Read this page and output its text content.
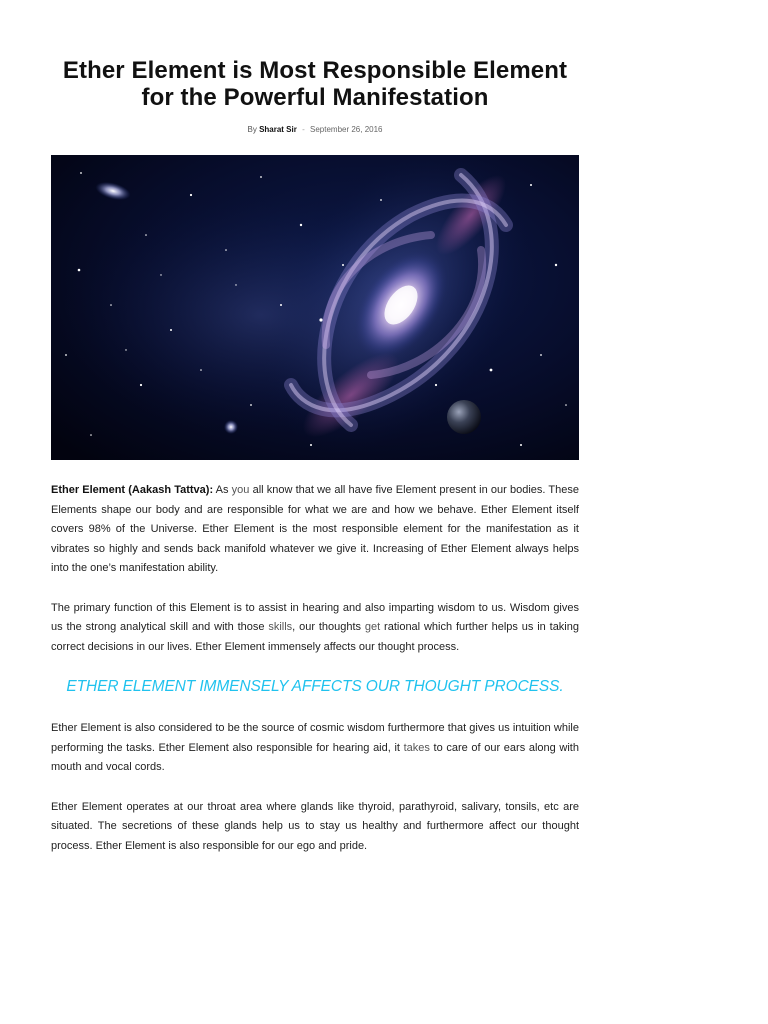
Ether Element is Most Responsible Element for the Powerful Manifestation
By Sharat Sir - September 26, 2016

Ether Element (Aakash Tattva): As you all know that we all have five Element present in our bodies. These Elements shape our body and are responsible for what we are and how we behave. Ether Element itself covers 98% of the Universe. Ether Element is the most responsible element for the manifestation as it vibrates so highly and sends back manifold whatever we give it. Increasing of Ether Element always helps into the one’s manifestation ability.

The primary function of this Element is to assist in hearing and also imparting wisdom to us. Wisdom gives us the strong analytical skill and with those skills, our thoughts get rational which further helps us in taking correct decisions in our lives. Ether Element immensely affects our thought process.

ETHER ELEMENT IMMENSELY AFFECTS OUR THOUGHT PROCESS.

Ether Element is also considered to be the source of cosmic wisdom furthermore that gives us intuition while performing the tasks. Ether Element also responsible for hearing aid, it takes to care of our ears along with mouth and vocal cords.

Ether Element operates at our throat area where glands like thyroid, parathyroid, salivary, tonsils, etc are situated. The secretions of these glands help us to stay us healthy and furthermore affect our thought process. Ether Element is also responsible for our ego and pride.
